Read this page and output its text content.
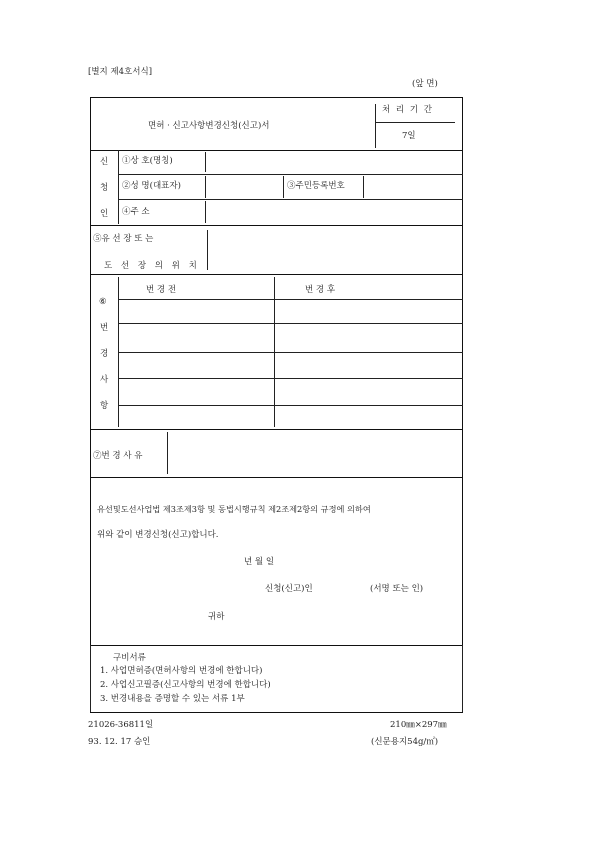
[별지 제4호서식]
(앞 면)
면허 · 신고사항변경신청(신고)서
처 리 기 간
7일
신
청
인
①상 호(명칭)
②성 명(대표자)	③주민등록번호
④주 소
⑤유 선 장 또 는
도 선 장 의 위 치
번 경 전	번 경 후
⑥
번
경
사
항
⑦번 경 사 유
유선및도선사업법 제3조제3항 및 동법시행규칙 제2조제2항의 규정에 의하여
위와 같이 변경신청(신고)합니다.
년 월 일
신청(신고)인	(서명 또는 인)
귀하
구비서류
1. 사업면허증(면허사항의 번경에 한합니다)
2. 사업신고필증(신고사항의 번경에 한합니다)
3. 번경내용을 증명할 수 있는 서류 1부
21026-36811일
93. 12. 17 승인
210㎜×297㎜
(신문용지54g/㎡)
